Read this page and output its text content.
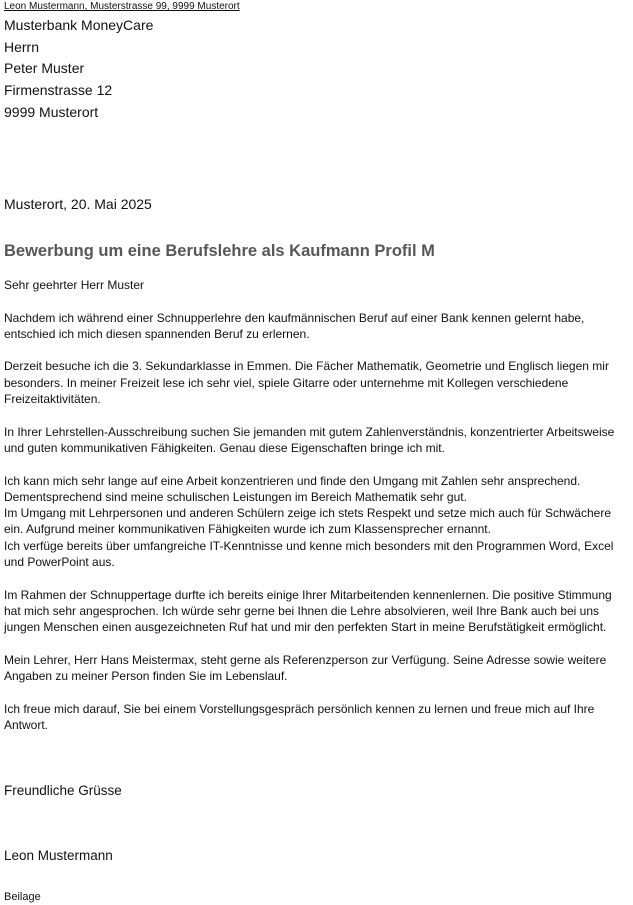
Leon Mustermann, Musterstrasse 99, 9999 Musterort
Musterbank MoneyCare
Herrn
Peter Muster
Firmenstrasse 12
9999 Musterort
Musterort, 20. Mai 2025
Bewerbung um eine Berufslehre als Kaufmann Profil M

Sehr geehrter Herr Muster

Nachdem ich während einer Schnupperlehre den kaufmännischen Beruf auf einer Bank kennen gelernt habe, entschied ich mich diesen spannenden Beruf zu erlernen.

Derzeit besuche ich die 3. Sekundarklasse in Emmen. Die Fächer Mathematik, Geometrie und Englisch liegen mir besonders. In meiner Freizeit lese ich sehr viel, spiele Gitarre oder unternehme mit Kollegen verschiedene Freizeitaktivitäten.

In Ihrer Lehrstellen-Ausschreibung suchen Sie jemanden mit gutem Zahlenverständnis, konzentrierter Arbeitsweise und guten kommunikativen Fähigkeiten. Genau diese Eigenschaften bringe ich mit.

Ich kann mich sehr lange auf eine Arbeit konzentrieren und finde den Umgang mit Zahlen sehr ansprechend. Dementsprechend sind meine schulischen Leistungen im Bereich Mathematik sehr gut.

Im Umgang mit Lehrpersonen und anderen Schülern zeige ich stets Respekt und setze mich auch für Schwächere ein. Aufgrund meiner kommunikativen Fähigkeiten wurde ich zum Klassensprecher ernannt.

Ich verfüge bereits über umfangreiche IT-Kenntnisse und kenne mich besonders mit den Programmen Word, Excel und PowerPoint aus.

Im Rahmen der Schnuppertage durfte ich bereits einige Ihrer Mitarbeitenden kennenlernen. Die positive Stimmung hat mich sehr angesprochen. Ich würde sehr gerne bei Ihnen die Lehre absolvieren, weil Ihre Bank auch bei uns jungen Menschen einen ausgezeichneten Ruf hat und mir den perfekten Start in meine Berufstätigkeit ermöglicht.

Mein Lehrer, Herr Hans Meistermax, steht gerne als Referenzperson zur Verfügung. Seine Adresse sowie weitere Angaben zu meiner Person finden Sie im Lebenslauf.

Ich freue mich darauf, Sie bei einem Vorstellungsgespräch persönlich kennen zu lernen und freue mich auf Ihre Antwort.

Freundliche Grüsse
Leon Mustermann
Beilage
